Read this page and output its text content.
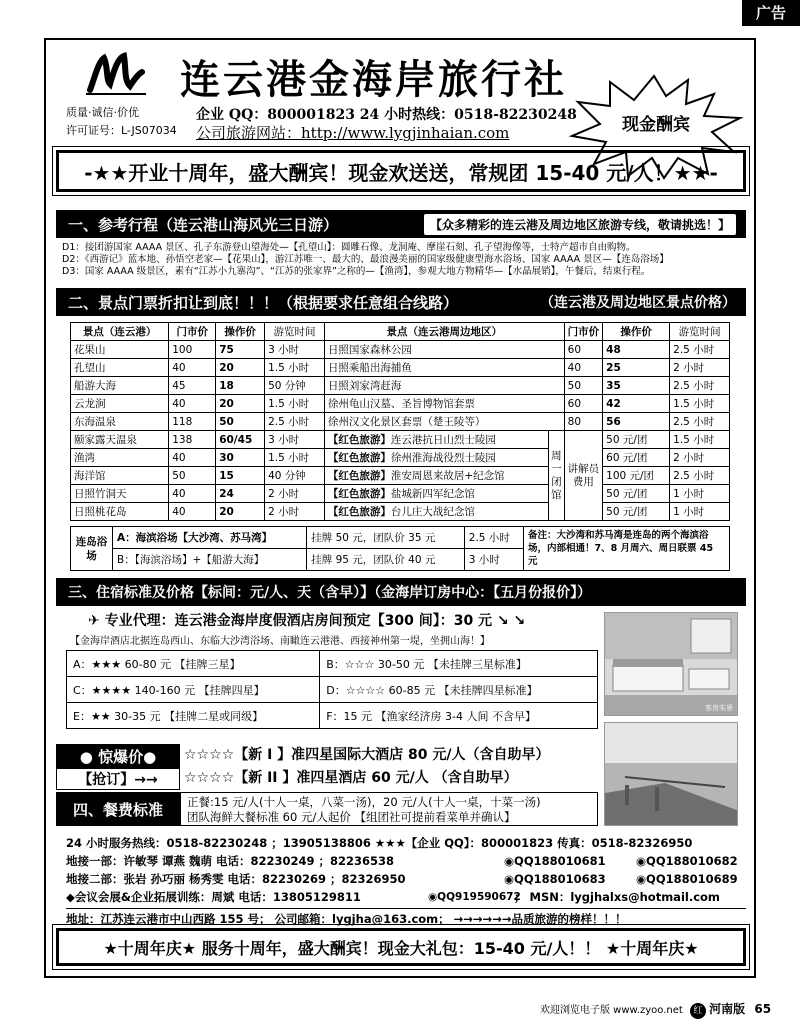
广告
连云港金海岸旅行社
质量·诚信·价优
许可证号：L-JS07034
企业 QQ：800001823 24 小时热线：0518-82230248
公司旅游网站：http://www.lygjinhaian.com	现金酬宾
-★★开业十周年，盛大酬宾！现金欢送送，常规团 15-40 元/人！★★-
一、参考行程（连云港山海风光三日游）	【众多精彩的连云港及周边地区旅游专线，敬请挑选！】
D1：接团游国家 AAAA 景区、孔子东游登山望海处—【孔望山】：圆雕石像、龙洞庵、摩崖石刻、孔子望海像等，士特产超市自由购物。
D2：《西游记》蓝本地、孙悟空老家—【花果山】，游江苏唯一、最大的、最浪漫美丽的国家级健康型海水浴场、国家 AAAA 景区—【连岛浴场】
D3：国家 AAAA 级景区，素有“江苏小九寨沟”、“江苏的张家界”之称的—【渔湾】，参观大地方物精华—【水晶展销】，午餐后，结束行程。
二、景点门票折扣让到底！！！（根据要求任意组合线路）	（连云港及周边地区景点价格）
景点（连云港）	门市价	操作价	游览时间	景点（连云港周边地区）		门市价	操作价	游览时间
花果山	100	75	3 小时	日照国家森林公园		60	48	2.5 小时
孔望山	40	20	1.5 小时	日照乘船出海捕鱼		40	25	2 小时
船游大海	45	18	50 分钟	日照刘家湾赶海		50	35	2.5 小时
云龙涧	40	20	1.5 小时	徐州龟山汉墓、圣旨博物馆套票		60	42	1.5 小时
东海温泉	118	50	2.5 小时	徐州汉文化景区套票（楚王陵等）		80	56	2.5 小时
颐家露天温泉	138	60/45	3 小时	【红色旅游】连云港抗日山烈士陵园	周一闭馆	讲解员费用	50 元/团	1.5 小时
渔湾	40	30	1.5 小时	【红色旅游】徐州淮海战役烈士陵园			60 元/团	2 小时
海洋馆	50	15	40 分钟	【红色旅游】淮安周恩来故居+纪念馆			100 元/团	2.5 小时
日照竹洞天	40	24	2 小时	【红色旅游】盐城新四军纪念馆			50 元/团	1 小时
日照桃花岛	40	20	2 小时	【红色旅游】台儿庄大战纪念馆			50 元/团	1 小时
连岛浴场	A：海滨浴场【大沙湾、苏马湾】	挂牌 50 元，团队价 35 元	2.5 小时	备注：大沙湾和苏马湾是连岛的两个海滨浴场，内部相通！7、8 月周六、周日联票 45 元
	B：【海滨浴场】+【船游大海】	挂牌 95 元，团队价 40 元	3 小时	
三、住宿标准及价格【标间：元/人、天（含早）】（金海岸订房中心：【五月份报价】）
✈ 专业代理：连云港金海岸度假酒店房间预定【300 间】：30 元 ↘ ↘
【金海岸酒店北据连岛西山、东临大沙湾浴场、南瞰连云港港、西接神州第一堤，坐拥山海！】
A：★★★ 60-80 元 【挂牌三星】	B：☆☆☆ 30-50 元 【未挂牌三星标准】
C：★★★★ 140-160 元 【挂牌四星】	D：☆☆☆☆ 60-85 元 【未挂牌四星标准】
E：★★ 30-35 元 【挂牌二星或同级】	F：15 元 【渔家经济房 3-4 人间 不含早】
客房实景
● 惊爆价●
【抢订】→→
☆☆☆☆【新 I 】准四星国际大酒店 80 元/人（含自助早）
☆☆☆☆【新 II 】准四星酒店 60 元/人 （含自助早）
四、餐费标准	正餐:15 元/人(十人一桌，八菜一汤)，20 元/人(十人一桌，十菜一汤)
团队海鲜大餐标准 60 元/人起价 【组团社可提前看菜单并确认】
24 小时服务热线：0518-82230248 ；13905138806 ★★★【企业 QQ】：800001823 传真：0518-82326950
地接一部：许敏琴 谭燕 魏萌 电话：82230249 ；82236538	◉QQ188010681	◉QQ188010682
地接二部：张岩 孙巧丽 杨秀雯 电话：82230269 ；82326950	◉QQ188010683	◉QQ188010689
◆会议会展&企业拓展训练：周斌 电话：13805129811	◉QQ919590672
； MSN：lygjhalxs@hotmail.com
地址：江苏连云港市中山西路 155 号； 公司邮箱：lygjha@163.com； →→→→→→品质旅游的榜样！！！
★十周年庆★ 服务十周年，盛大酬宾！现金大礼包：15-40 元/人！！ ★十周年庆★
欢迎浏览电子版 www.zyoo.net 红 河南版 65
